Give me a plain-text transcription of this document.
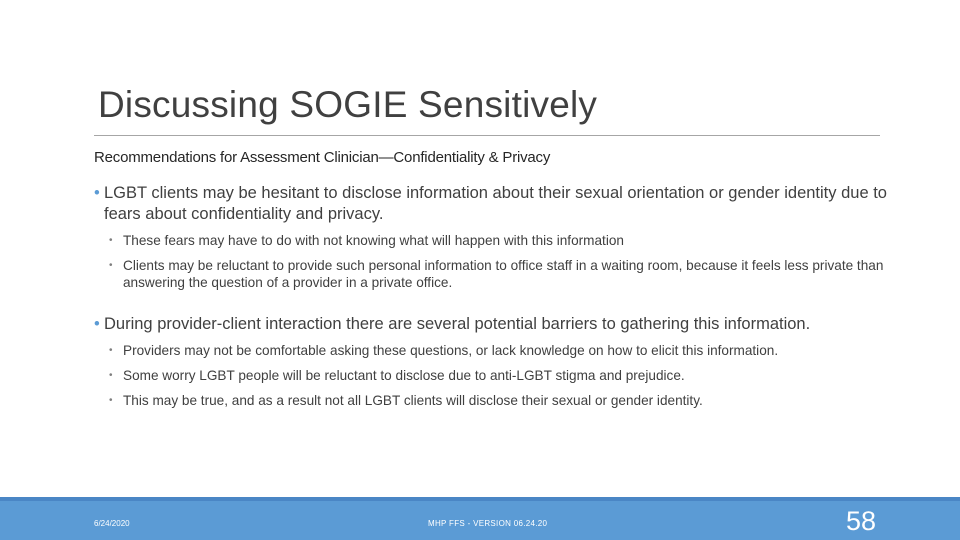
Discussing SOGIE Sensitively
Recommendations for Assessment Clinician—Confidentiality & Privacy
• LGBT clients may be hesitant to disclose information about their sexual orientation or gender identity due to fears about confidentiality and privacy.
• These fears may have to do with not knowing what will happen with this information
• Clients may be reluctant to provide such personal information to office staff in a waiting room, because it feels less private than answering the question of a provider in a private office.
• During provider-client interaction there are several potential barriers to gathering this information.
• Providers may not be comfortable asking these questions, or lack knowledge on how to elicit this information.
• Some worry LGBT people will be reluctant to disclose due to anti-LGBT stigma and prejudice.
• This may be true, and as a result not all LGBT clients will disclose their sexual or gender identity.
6/24/2020	MHP FFS - VERSION 06.24.20	58
